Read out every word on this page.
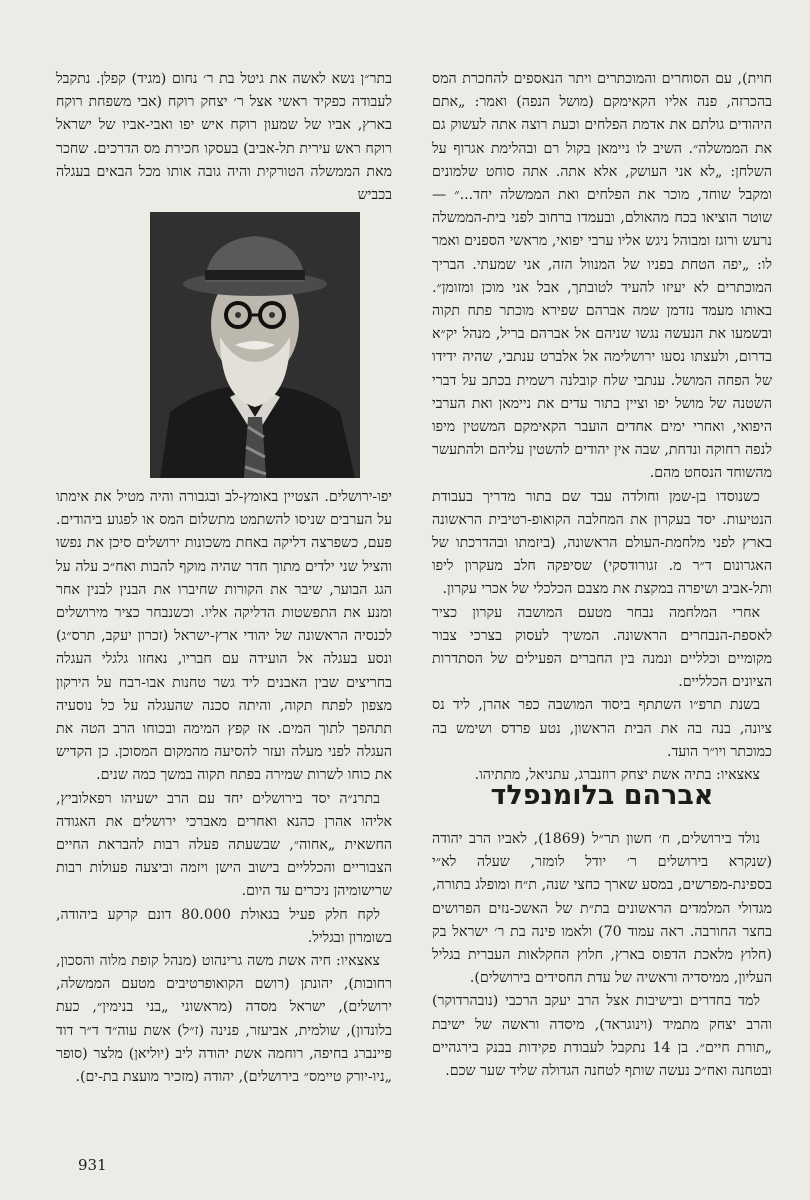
בתר״ן נשא לאשה את גיטל בת ר׳ נחום (מגיד) קפלן. נתקבל לעבודה כפקיד ראשי אצל ר׳ יצחק רוקח (אבי משפחת רוקח בארץ, אביו של שמעון רוקח איש יפו ואבי-אביו של ישראל רוקח ראש עירית תל-אביב) בעסקו חכירת מס הדרכים. שחכר מאת הממשלה הטורקית והיה גובה אותו מכל הבאים בעגלה בכביש

יפו-ירושלים. הצטיין באומץ-לב ובגבורה והיה מטיל את אימתו על הערבים שניסו להשתמט מתשלום המס או לפגוע ביהודים. פעם, כשפרצה דליקה באחת משכונות ירושלים סיכן את נפשו והציל שני ילדים מתוך חדר שהיה מוקף להבות ואח״כ עלה על הגג הבוער, שיבר את הקורות שחיברו את הבנין לבנין אחר ומנע את התפשטות הדליקה אליו. וכשנבחר כציר מירושלים לכנסיה הראשונה של יהודי ארץ-ישראל (זכרון יעקב, תרס״ג) ונסע בעגלה אל הועידה עם חבריו, נאחזו גלגלי העגלה בחריצים שבין האבנים ליד גשר טחנות אבו-רבח על הירקון מצפון לפתח תקוה, והיתה סכנה שהעגלה על כל נוסעיה תתהפך לתוך המים. אז קפץ המימה ובכוחו הרב הטה את העגלה לפני מעלה ועזר להסיעה מהמקום המסוכן. כן הקדיש את כוחו לשרות שמירה בפתח תקוה במשך כמה שנים.

בתרנ״ה יסד בירושלים יחד עם הרב ישעיהו רפאלוביץ, אליהו אהרן כהנא ואחרים מאברכי ירושלים את האגודה החשאית „אחוה״, שבשעתה פעלה רבות להבראת החיים הצבוריים והכלליים בישוב הישן ויזמה וביצעה פעולות רבות שרישומיהן ניכרים עד היום.

לקח חלק פעיל בגאולת 80.000 דונם קרקע ביהודה, בשומרון ובגליל.

צאצאיו: חיה אשת משה גרינהוט (מנהל קופת מלוה והסכון, רחובות), יהונתן (רושם הקואופרטיבים מטעם הממשלה, ירושלים), ישראל מסדה (מראשוני „בני בנימין״, כעת בלונדון), שולמית, אביעזר, פנינה (ז״ל) אשת עוה״ד ד״ר דוד פיינברג בחיפה, רוחמה אשת יהודה ליב (יוליאן) מלצר (סופר „ניו-יורק טיימס״ בירושלים), יהודה (מזכיר מועצת בת-ים).

חוית), עם הסוחרים והמוכתרים ויתר הנאספים להחכרת המס בהכרזה, פנה אליו הקאימקם (מושל הנפה) ואמר: „אתם היהודים גולתם את אדמת הפלחים וכעת רוצה אתה לעשוק גם את הממשלה״. השיב לו ניימאן בקול רם ובהלימת אגרוף על השלחן: „לא אני העושק, אלא אתה. אתה סוחט שלמונים ומקבל שוחד, מוכר את הפלחים ואת הממשלה יחד...״ — שוטר הוציאו בכח מהאולם, ובעמדו ברחוב לפני בית-הממשלה נרעש ורוגז ומבוהל ניגש אליו ערבי יפואי, מראשי הספנים ואמר לו: „יפה הטחת בפניו של המנוול הזה, אני שמעתי. הבריך המוכתרים לא יעיזו להעיד לטובתך, אבל אני מוכן ומזומן״. באותו מעמד נזדמן שמה אברהם שפירא מוכתר פתח תקוה ובשמעו את הנעשה נגשו שניהם אל אברהם בריל, מנהל יק״א בדרום, ולעצתו נסעו ירושלימה אל אלברט ענתבי, שהיה ידידו של הפחה המושל. ענתבי שלח קובלנה רשמית בכתב על דברי השטנה של מושל יפו וציין בתור עדים את ניימאן ואת הערבי היפואי, ואחרי ימים אחדים הועבר הקאימקם המשטין מיפו לנפה רחוקה ונדחת, שבה אין יהודים להשטין עליהם ולהתעשר מהשוחד הנסחט מהם.

כשנוסדו בן-שמן וחולדה עבד שם בתור מדריך בעבודת הנטיעות. יסד בעקרון את המחלבה הקואופ-רטיבית הראשונה בארץ לפני מלחמת-העולם הראשונה, (ביזמתו ובהדרכתו של האגרונום ד״ר מ. זגורודסקי) שסיפקה חלב מעקרון ליפו ותל-אביב ושיפרה במקצת את מצבם הכלכלי של אכרי עקרון.

אחרי המלחמה נבחר מטעם המושבה עקרון כציר לאספת-הנבחרים הראשונה. המשיך לעסוק בצרכי צבור מקומיים וכלליים ונמנה בין החברים הפעילים של הסתדרות הציונים הכלליים.

בשנת תרפ״ו השתתף ביסוד המושבה כפר אהרן, ליד נס ציונה, בנה בה את הבית הראשון, נטע פרדס ושימש בה כמוכתר ויו״ר הועד.

צאצאיו: בתיה אשת יצחק רוזנברג, עתניאל, מתתיהו.

אברהם בלומנפלד

נולד בירושלים, ח׳ חשון תר״ל (1869), לאביו הרב יהודה (שנקרא בירושלים ר׳ יודל לומזר, שעלה לא״י בספינת-מפרשים, במסע שארך כחצי שנה, ת״ח ומופלג בתורה, מגדולי המלמדים הראשונים בת״ת של האשכ-נזים הפרושים בחצר החורבה. ראה עמוד 70) ולאמו פינה בת ר׳ ישראל בק (חלוץ מלאכת הדפוס בארץ, חלוץ החקלאות העברית בגליל העליון, ממיסדיה וראשיה של עדת החסידים בירושלים).

למד בחדרים ובישיבות אצל הרב יעקב הרכבי (נובהרדוקר) והרב יצחק מתמיד (וינוגראד), מיסדה וראשה של ישיבת „תורת חיים״. בן 14 נתקבל לעבודת פקידות בבנק בירגהיים ובטחנה ואח״כ נעשה שותף לטחנה הגדולה שליד שער שכם.

931
